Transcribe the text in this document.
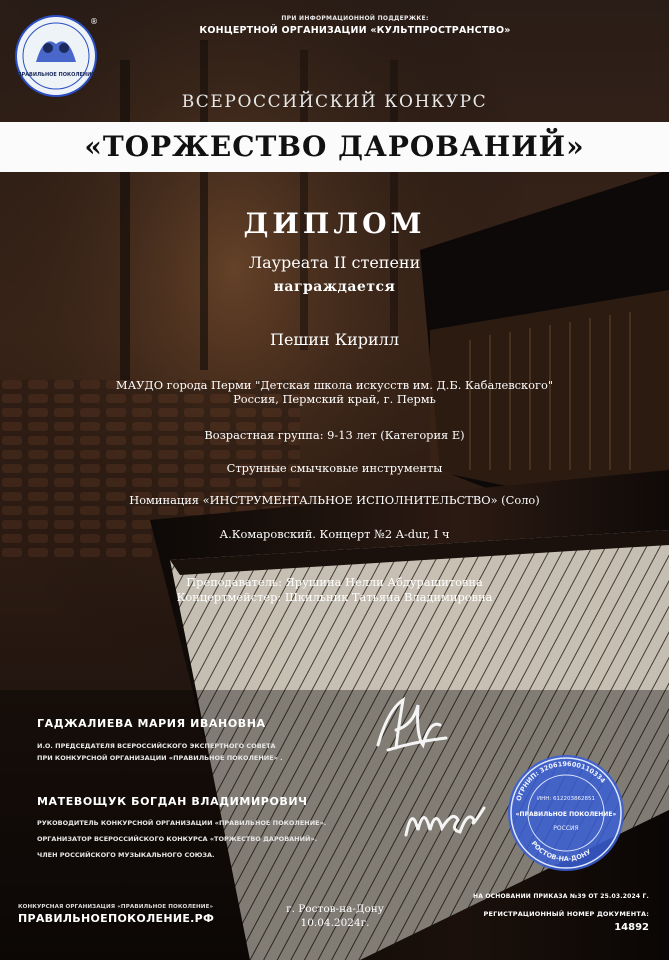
"ПРАВИЛЬНОЕ ПОКОЛЕНИЕ"
®	ПРИ ИНФОРМАЦИОННОЙ ПОДДЕРЖКЕ:
КОНЦЕРТНОЙ ОРГАНИЗАЦИИ «КУЛЬТПРОСТРАНСТВО»
ВСЕРОССИЙСКИЙ КОНКУРС
«ТОРЖЕСТВО ДАРОВАНИЙ»
ДИПЛОМ
Лауреата II степени
награждается
Пешин Кирилл
МАУДО города Перми "Детская школа искусств им. Д.Б. Кабалевского"
Россия, Пермский край, г. Пермь
Возрастная группа: 9-13 лет (Категория E)
Струнные смычковые инструменты
Номинация «ИНСТРУМЕНТАЛЬНОЕ ИСПОЛНИТЕЛЬСТВО» (Соло)
А.Комаровский. Концерт №2 A-dur, I ч
Преподаватель: Ярушина Нелли Абдурашитовна
Концертмейстер: Шкильник Татьяна Владимировна
ГАДЖАЛИЕВА МАРИЯ ИВАНОВНА
И.О. ПРЕДСЕДАТЕЛЯ ВСЕРОССИЙСКОГО ЭКСПЕРТНОГО СОВЕТА
ПРИ КОНКУРСНОЙ ОРГАНИЗАЦИИ «ПРАВИЛЬНОЕ ПОКОЛЕНИЕ» .
МАТЕВОЩУК БОГДАН ВЛАДИМИРОВИЧ
РУКОВОДИТЕЛЬ КОНКУРСНОЙ ОРГАНИЗАЦИИ «ПРАВИЛЬНОЕ ПОКОЛЕНИЕ».
ОРГАНИЗАТОР ВСЕРОССИЙСКОГО КОНКУРСА «ТОРЖЕСТВО ДАРОВАНИЙ».
ЧЛЕН РОССИЙСКОГО МУЗЫКАЛЬНОГО СОЮЗА.
ОГРНИП: 320619600110334
РОСТОВ-НА-ДОНУ
ИНН: 612203862851
«ПРАВИЛЬНОЕ ПОКОЛЕНИЕ»
РОССИЯ
КОНКУРСНАЯ ОРГАНИЗАЦИЯ «ПРАВИЛЬНОЕ ПОКОЛЕНИЕ»
ПРАВИЛЬНОЕПОКОЛЕНИЕ.РФ
г. Ростов-на-Дону
10.04.2024г.
НА ОСНОВАНИИ ПРИКАЗА №39 ОТ 25.03.2024 Г.
РЕГИСТРАЦИОННЫЙ НОМЕР ДОКУМЕНТА:
14892
